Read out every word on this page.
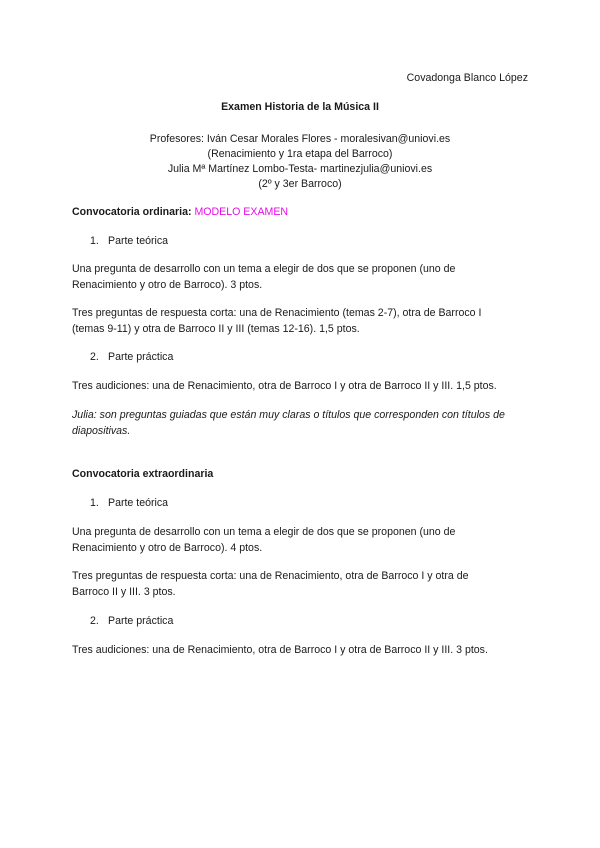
Covadonga Blanco López
Examen Historia de la Música II
Profesores: Iván Cesar Morales Flores - moralesivan@uniovi.es
(Renacimiento y 1ra etapa del Barroco)
Julia Mª Martínez Lombo-Testa- martinezjulia@uniovi.es
(2º y 3er Barroco)
Convocatoria ordinaria: MODELO EXAMEN
1. Parte teórica
Una pregunta de desarrollo con un tema a elegir de dos que se proponen (uno de
Renacimiento y otro de Barroco). 3 ptos.
Tres preguntas de respuesta corta: una de Renacimiento (temas 2-7), otra de Barroco I
(temas 9-11) y otra de Barroco II y III (temas 12-16). 1,5 ptos.
2. Parte práctica
Tres audiciones: una de Renacimiento, otra de Barroco I y otra de Barroco II y III. 1,5 ptos.
Julia: son preguntas guiadas que están muy claras o títulos que corresponden con títulos de
diapositivas.
Convocatoria extraordinaria
1. Parte teórica
Una pregunta de desarrollo con un tema a elegir de dos que se proponen (uno de
Renacimiento y otro de Barroco). 4 ptos.
Tres preguntas de respuesta corta: una de Renacimiento, otra de Barroco I y otra de
Barroco II y III. 3 ptos.
2. Parte práctica
Tres audiciones: una de Renacimiento, otra de Barroco I y otra de Barroco II y III. 3 ptos.
